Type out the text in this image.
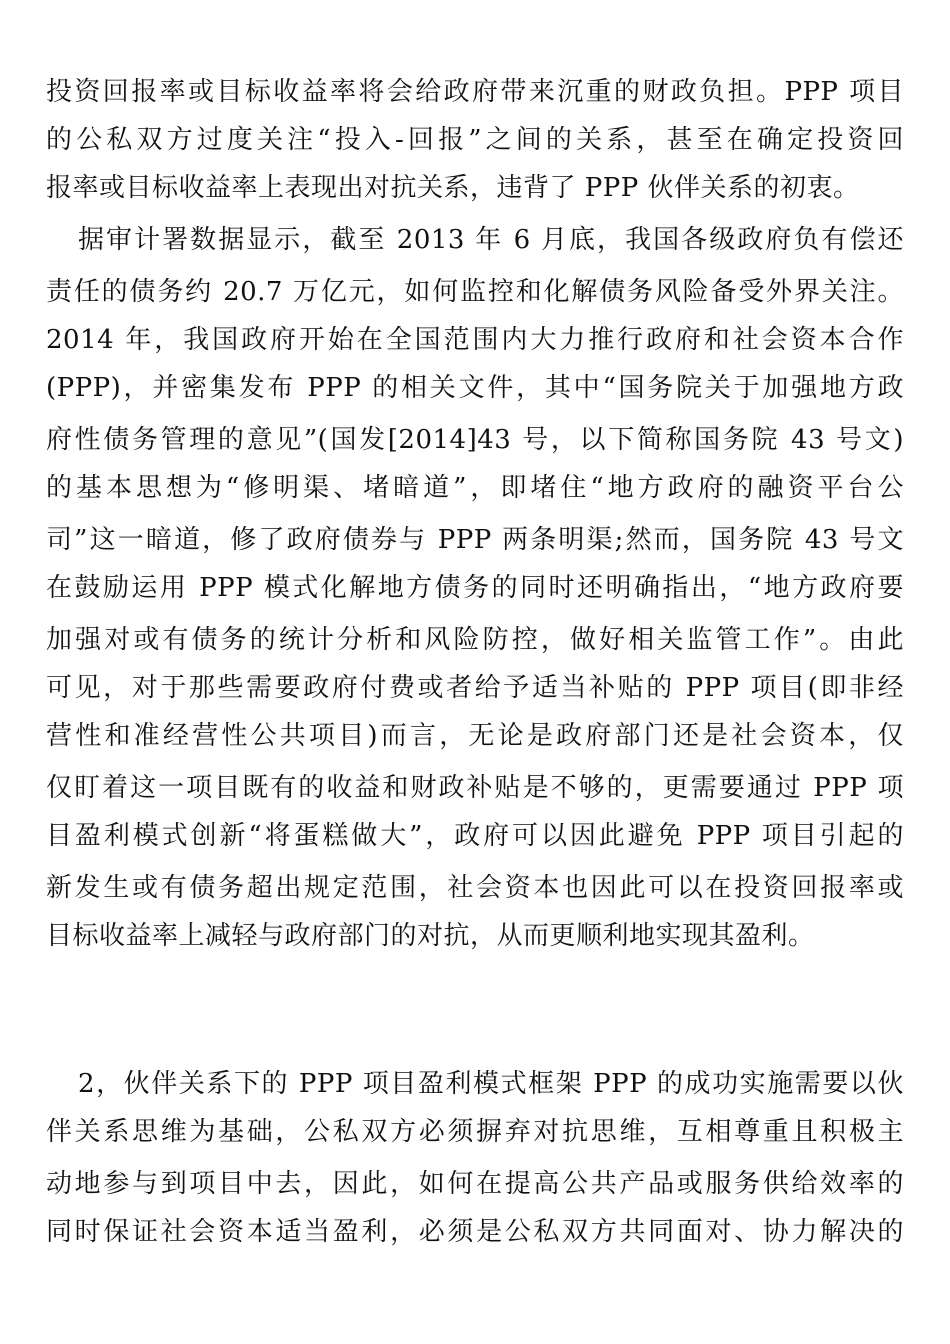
投资回报率或目标收益率将会给政府带来沉重的财政负担。PPP 项目
的公私双方过度关注“投入-回报”之间的关系，甚至在确定投资回
报率或目标收益率上表现出对抗关系，违背了 PPP 伙伴关系的初衷。
据审计署数据显示，截至 2013 年 6 月底，我国各级政府负有偿还
责任的债务约 20.7 万亿元，如何监控和化解债务风险备受外界关注。
2014 年，我国政府开始在全国范围内大力推行政府和社会资本合作
(PPP)，并密集发布 PPP 的相关文件，其中“国务院关于加强地方政
府性债务管理的意见”(国发[2014]43 号，以下简称国务院 43 号文)
的基本思想为“修明渠、堵暗道”，即堵住“地方政府的融资平台公
司”这一暗道，修了政府债券与 PPP 两条明渠;然而，国务院 43 号文
在鼓励运用 PPP 模式化解地方债务的同时还明确指出，“地方政府要
加强对或有债务的统计分析和风险防控，做好相关监管工作”。由此
可见，对于那些需要政府付费或者给予适当补贴的 PPP 项目(即非经
营性和准经营性公共项目)而言，无论是政府部门还是社会资本，仅
仅盯着这一项目既有的收益和财政补贴是不够的，更需要通过 PPP 项
目盈利模式创新“将蛋糕做大”，政府可以因此避免 PPP 项目引起的
新发生或有债务超出规定范围，社会资本也因此可以在投资回报率或
目标收益率上减轻与政府部门的对抗，从而更顺利地实现其盈利。
2，伙伴关系下的 PPP 项目盈利模式框架 PPP 的成功实施需要以伙
伴关系思维为基础，公私双方必须摒弃对抗思维，互相尊重且积极主
动地参与到项目中去，因此，如何在提高公共产品或服务供给效率的
同时保证社会资本适当盈利，必须是公私双方共同面对、协力解决的
